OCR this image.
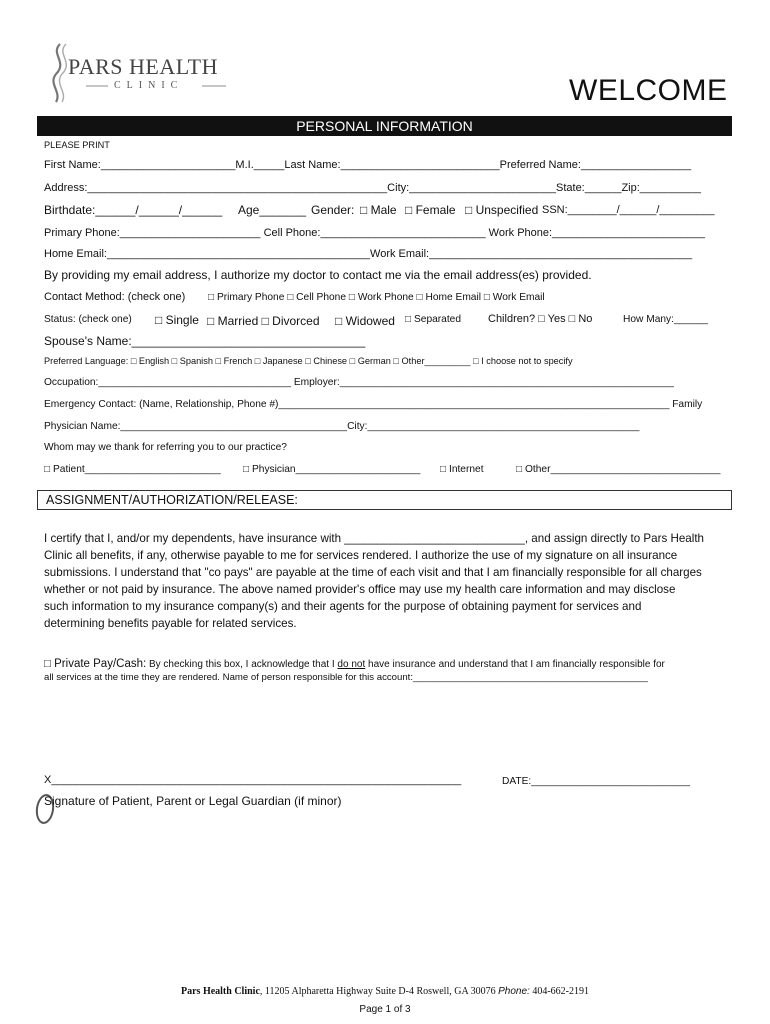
PARS HEALTH
CLINIC	WELCOME
PERSONAL INFORMATION
PLEASE PRINT
First Name:______________________M.I._____Last Name:__________________________Preferred Name:__________________
Address:_________________________________________________City:________________________State:______Zip:__________
Birthdate:______/______/______ Age_______ Gender: □ Male □ Female □ Unspecified SSN:________/______/_________
Primary Phone:_______________________ Cell Phone:___________________________ Work Phone:_________________________
Home Email:___________________________________________Work Email:___________________________________________
By providing my email address, I authorize my doctor to contact me via the email address(es) provided.
Contact Method: (check one) □ Primary Phone □ Cell Phone □ Work Phone □ Home Email □ Work Email
Status: (check one) □ Single □ Married □ Divorced □ Widowed □ Separated Children? □ Yes □ No	How Many:______
Spouse's Name:___________________________________
Preferred Language: □ English □ Spanish □ French □ Japanese □ Chinese □ German □ Other_________ □ I choose not to specify
Occupation:__________________________________ Employer:___________________________________________________________
Emergency Contact: (Name, Relationship, Phone #)_____________________________________________________________________ Family
Physician Name:________________________________________City:________________________________________________
Whom may we thank for referring you to our practice?
□ Patient________________________ □ Physician______________________ □ Internet	□ Other______________________________
ASSIGNMENT/AUTHORIZATION/RELEASE:

I certify that I, and/or my dependents, have insurance with ____________________________, and assign directly to Pars Health

Clinic all benefits, if any, otherwise payable to me for services rendered. I authorize the use of my signature on all insurance

submissions. I understand that "co pays" are payable at the time of each visit and that I am financially responsible for all charges

whether or not paid by insurance. The above named provider's office may use my health care information and may disclose

such information to my insurance company(s) and their agents for the purpose of obtaining payment for services and

determining benefits payable for related services.

□ Private Pay/Cash: By checking this box, I acknowledge that I do not have insurance and understand that I am financially responsible for
all services at the time they are rendered. Name of person responsible for this account:____________________________________________
X___________________________________________________________________	DATE:____________________________
Signature of Patient, Parent or Legal Guardian (if minor)
Pars Health Clinic, 11205 Alpharetta Highway Suite D-4 Roswell, GA 30076 Phone: 404-662-2191
Page 1 of 3
